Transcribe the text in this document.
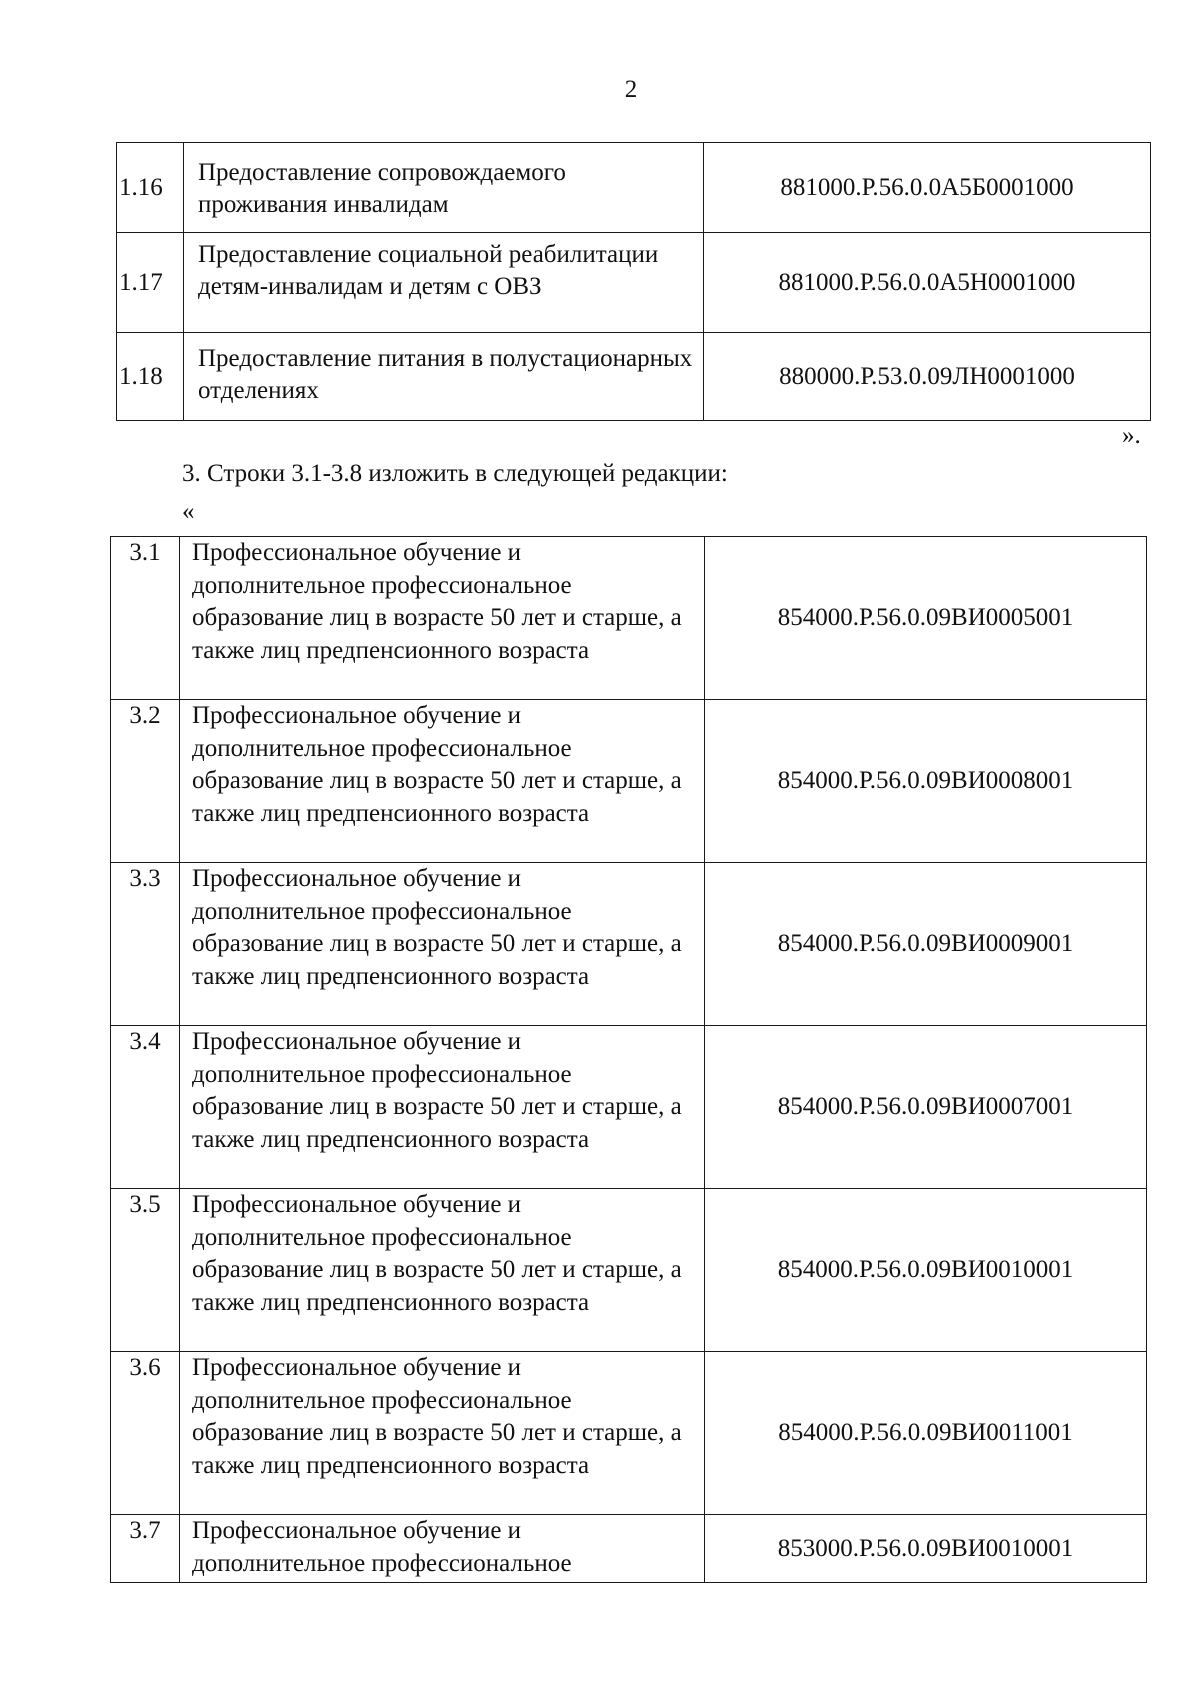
2
1.16	Предоставление сопровождаемого проживания инвалидам	881000.Р.56.0.0А5Б0001000
1.17	Предоставление социальной реабилитации детям-инвалидам и детям с ОВЗ	881000.Р.56.0.0А5Н0001000
1.18	Предоставление питания в полустационарных отделениях	880000.Р.53.0.09ЛН0001000
».
3. Строки 3.1-3.8 изложить в следующей редакции:
«
3.1	Профессиональное обучение и дополнительное профессиональное образование лиц в возрасте 50 лет и старше, а также лиц предпенсионного возраста	854000.Р.56.0.09ВИ0005001
3.2	Профессиональное обучение и дополнительное профессиональное образование лиц в возрасте 50 лет и старше, а также лиц предпенсионного возраста	854000.Р.56.0.09ВИ0008001
3.3	Профессиональное обучение и дополнительное профессиональное образование лиц в возрасте 50 лет и старше, а также лиц предпенсионного возраста	854000.Р.56.0.09ВИ0009001
3.4	Профессиональное обучение и дополнительное профессиональное образование лиц в возрасте 50 лет и старше, а также лиц предпенсионного возраста	854000.Р.56.0.09ВИ0007001
3.5	Профессиональное обучение и дополнительное профессиональное образование лиц в возрасте 50 лет и старше, а также лиц предпенсионного возраста	854000.Р.56.0.09ВИ0010001
3.6	Профессиональное обучение и дополнительное профессиональное образование лиц в возрасте 50 лет и старше, а также лиц предпенсионного возраста	854000.Р.56.0.09ВИ0011001
3.7	Профессиональное обучение и дополнительное профессиональное	853000.Р.56.0.09ВИ0010001
